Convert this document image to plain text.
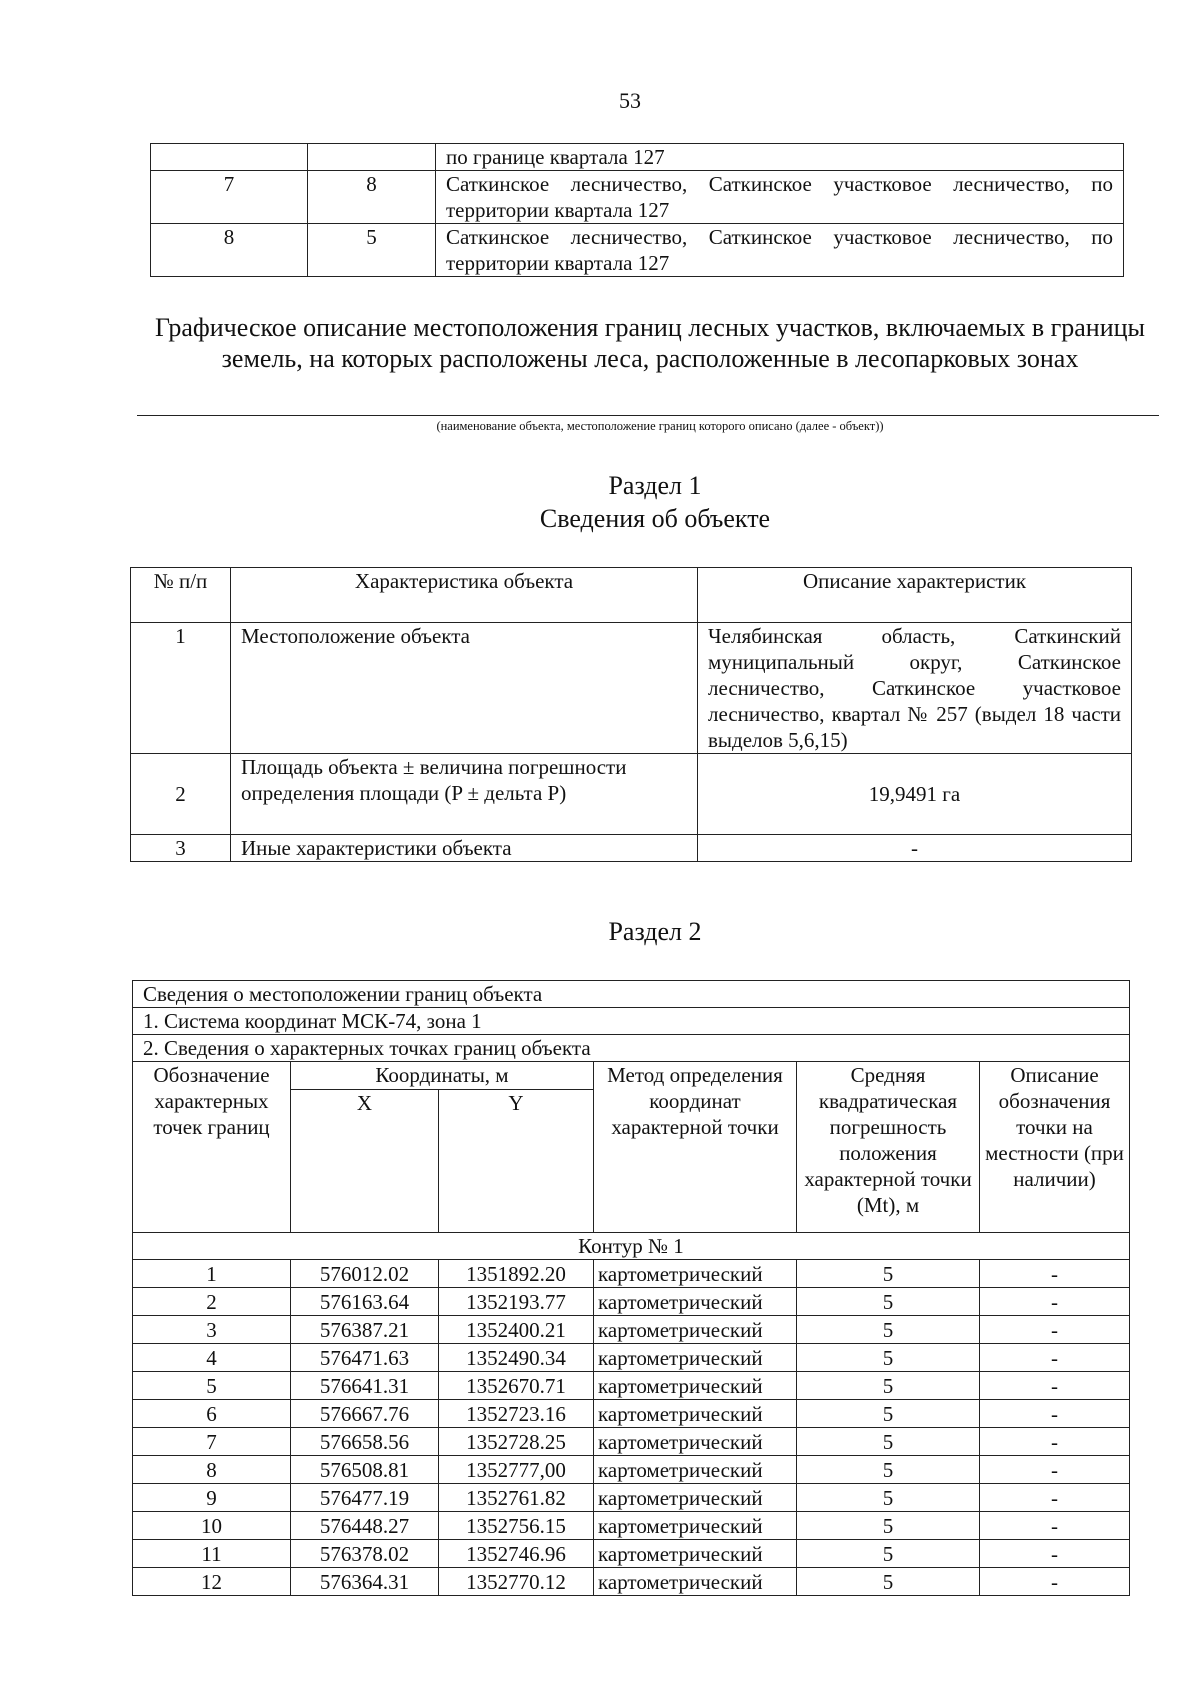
53
		по границе квартала 127
7	8	Саткинское лесничество, Саткинское участковое лесничество, по территории квартала 127
8	5	Саткинское лесничество, Саткинское участковое лесничество, по территории квартала 127
Графическое описание местоположения границ лесных участков, включаемых в границы земель, на которых расположены леса, расположенные в лесопарковых зонах
(наименование объекта, местоположение границ которого описано (далее - объект))
Раздел 1
Сведения об объекте
№ п/п	Характеристика объекта	Описание характеристик
1	Местоположение объекта	Челябинская область, Саткинский муниципальный округ, Саткинское лесничество, Саткинское участковое лесничество, квартал № 257 (выдел 18 части выделов 5,6,15)
2	Площадь объекта ± величина погрешности определения площади (P ± дельта P)	19,9491 га
3	Иные характеристики объекта	-
Раздел 2
Сведения о местоположении границ объекта					
1. Система координат МСК-74, зона 1					
2. Сведения о характерных точках границ объекта					
Обозначение характерных точек границ	Координаты, м		Метод определения координат характерной точки	Средняя квадратическая погрешность положения характерной точки (Mt), м	Описание обозначения точки на местности (при наличии)
	X	Y			
Контур № 1					
1	576012.02	1351892.20	картометрический	5	-
2	576163.64	1352193.77	картометрический	5	-
3	576387.21	1352400.21	картометрический	5	-
4	576471.63	1352490.34	картометрический	5	-
5	576641.31	1352670.71	картометрический	5	-
6	576667.76	1352723.16	картометрический	5	-
7	576658.56	1352728.25	картометрический	5	-
8	576508.81	1352777,00	картометрический	5	-
9	576477.19	1352761.82	картометрический	5	-
10	576448.27	1352756.15	картометрический	5	-
11	576378.02	1352746.96	картометрический	5	-
12	576364.31	1352770.12	картометрический	5	-
